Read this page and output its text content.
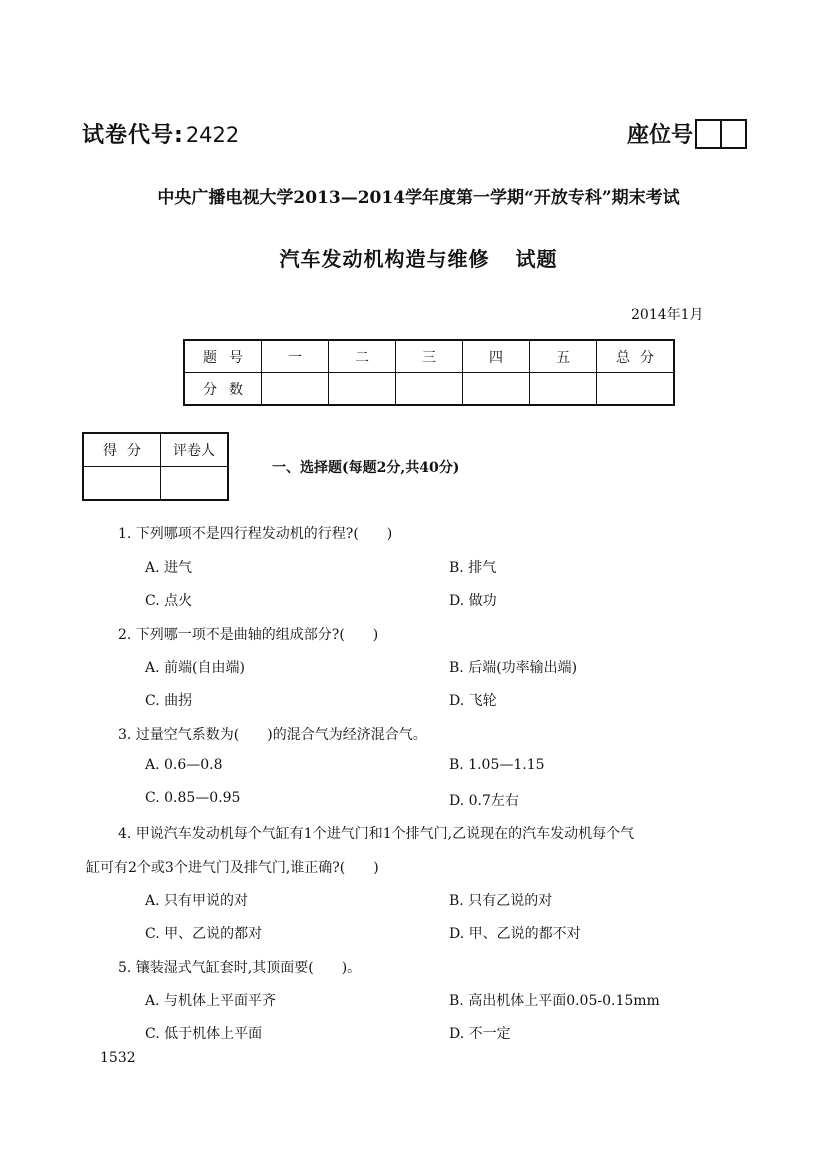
试卷代号:2422	座位号
中央广播电视大学2013—2014学年度第一学期“开放专科”期末考试
汽车发动机构造与维修 试题
2014年1月
题号	一	二	三	四	五	总分
分数						
得分	评卷人

一、选择题(每题2分,共40分)
1. 下列哪项不是四行程发动机的行程?(　　)
A. 进气	B. 排气
C. 点火	D. 做功
2. 下列哪一项不是曲轴的组成部分?(　　)
A. 前端(自由端)	B. 后端(功率输出端)
C. 曲拐	D. 飞轮
3. 过量空气系数为(　　)的混合气为经济混合气。
A. 0.6—0.8	B. 1.05—1.15
C. 0.85—0.95	D. 0.7左右
4. 甲说汽车发动机每个气缸有1个进气门和1个排气门,乙说现在的汽车发动机每个气
缸可有2个或3个进气门及排气门,谁正确?(　　)
A. 只有甲说的对	B. 只有乙说的对
C. 甲、乙说的都对	D. 甲、乙说的都不对
5. 镶装湿式气缸套时,其顶面要(　　)。
A. 与机体上平面平齐	B. 高出机体上平面0.05-0.15mm
C. 低于机体上平面	D. 不一定
1532
